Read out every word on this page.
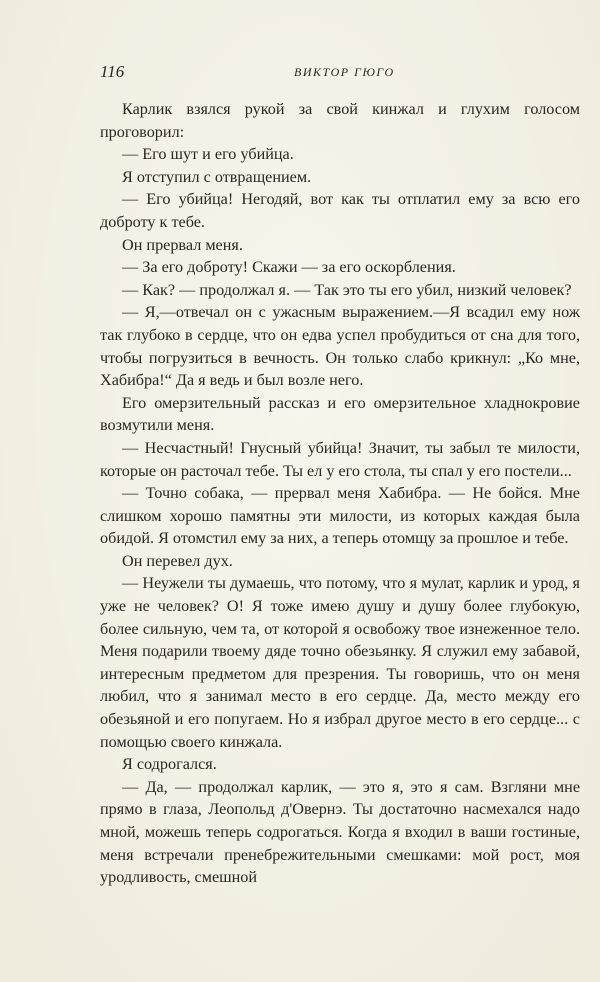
116	ВИКТОР ГЮГО

Карлик взялся рукой за свой кинжал и глухим голосом проговорил:

— Его шут и его убийца.

Я отступил с отвращением.

— Его убийца! Негодяй, вот как ты отплатил ему за всю его доброту к тебе.

Он прервал меня.

— За его доброту! Скажи — за его оскорбления.

— Как? — продолжал я. — Так это ты его убил, низкий человек?

— Я,—отвечал он с ужасным выражением.—Я всадил ему нож так глубоко в сердце, что он едва успел пробудиться от сна для того, чтобы погрузиться в вечность. Он только слабо крикнул: „Ко мне, Хабибра!“ Да я ведь и был возле него.

Его омерзительный рассказ и его омерзительное хладнокровие возмутили меня.

— Несчастный! Гнусный убийца! Значит, ты забыл те милости, которые он расточал тебе. Ты ел у его стола, ты спал у его постели...

— Точно собака, — прервал меня Хабибра. — Не бойся. Мне слишком хорошо памятны эти милости, из которых каждая была обидой. Я отомстил ему за них, а теперь отомщу за прошлое и тебе.

Он перевел дух.

— Неужели ты думаешь, что потому, что я мулат, карлик и урод, я уже не человек? О! Я тоже имею душу и душу более глубокую, более сильную, чем та, от которой я освобожу твое изнеженное тело. Меня подарили твоему дяде точно обезьянку. Я служил ему забавой, интересным предметом для презрения. Ты говоришь, что он меня любил, что я занимал место в его сердце. Да, место между его обезьяной и его попугаем. Но я избрал другое место в его сердце... с помощью своего кинжала.

Я содрогался.

— Да, — продолжал карлик, — это я, это я сам. Взгляни мне прямо в глаза, Леопольд д'Овернэ. Ты достаточно насмехался надо мной, можешь теперь содрогаться. Когда я входил в ваши гостиные, меня встречали пренебрежительными смешками: мой рост, моя уродливость, смешной
